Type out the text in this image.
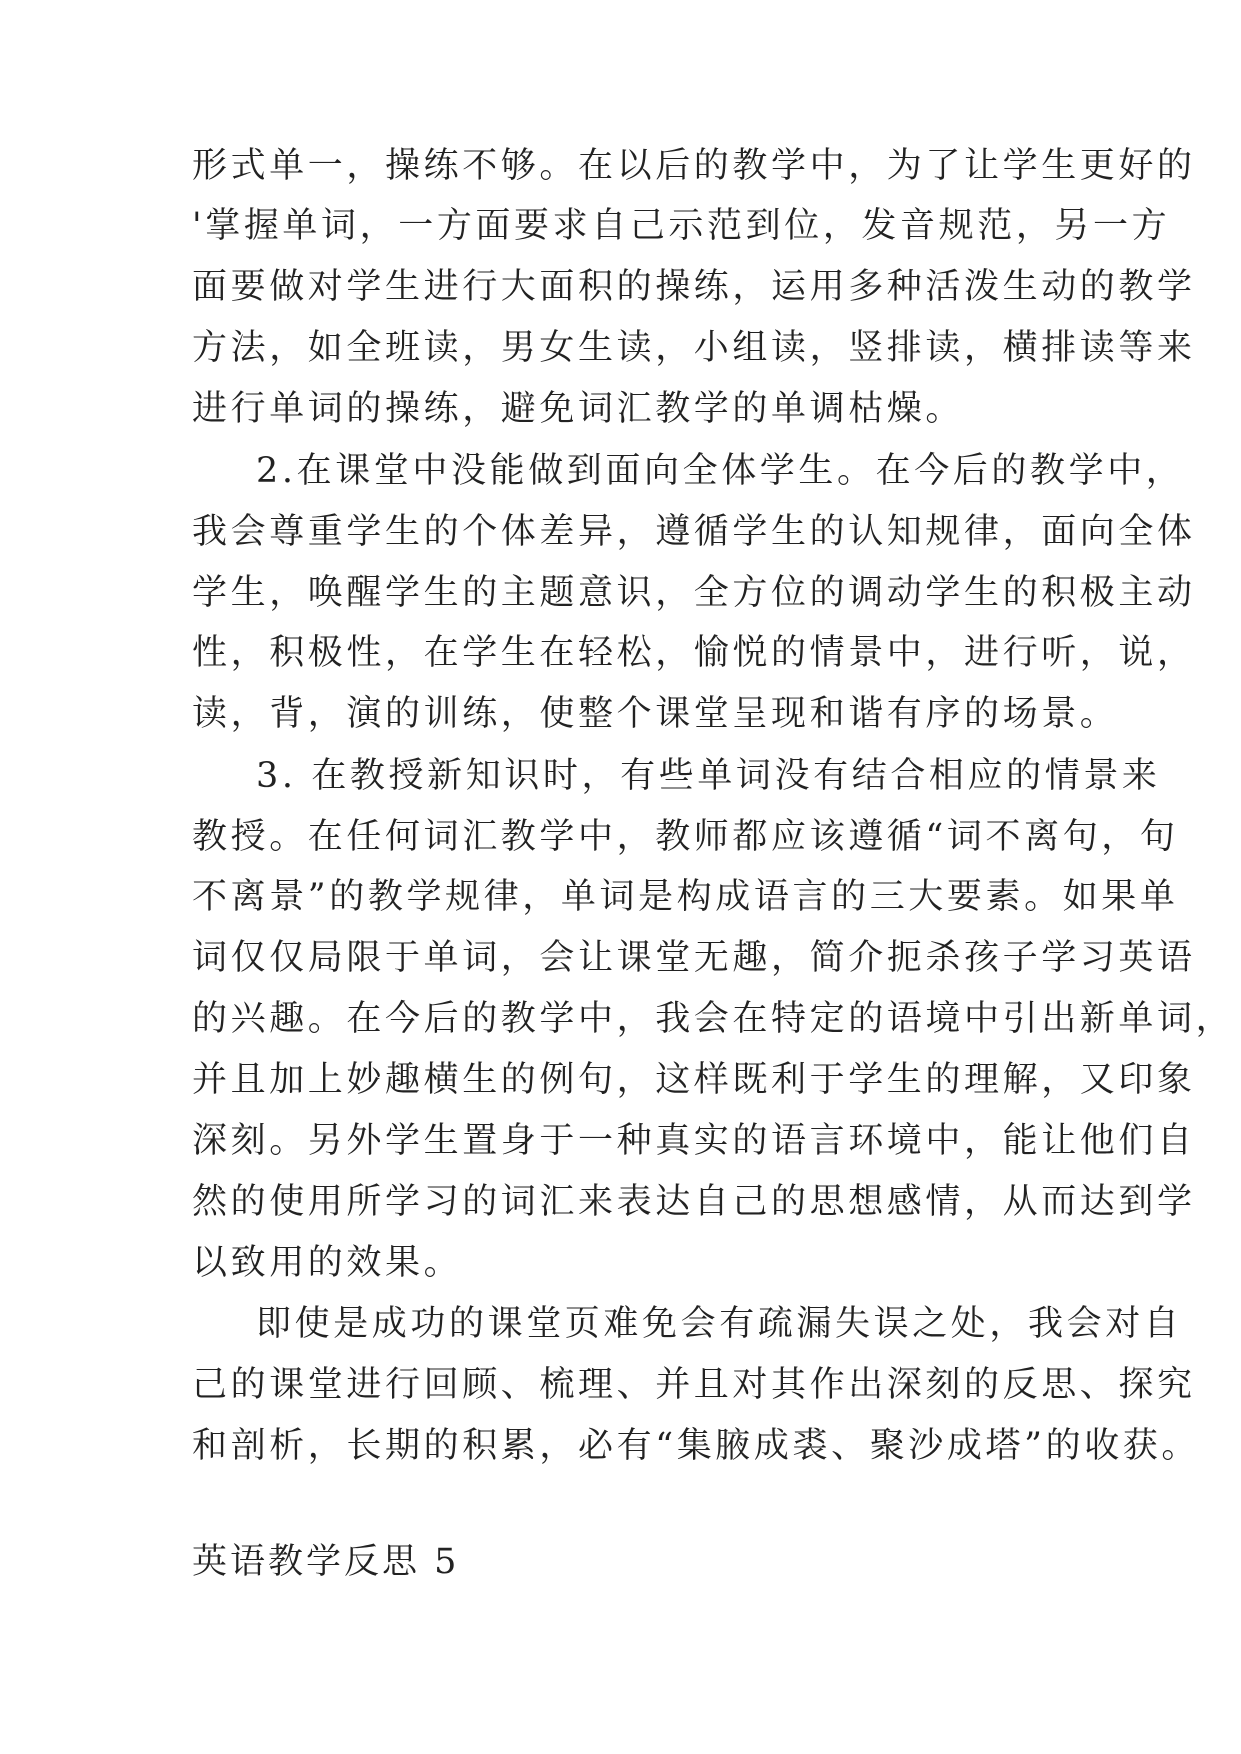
形式单一，操练不够。在以后的教学中，为了让学生更好的
'掌握单词，一方面要求自己示范到位，发音规范，另一方
面要做对学生进行大面积的操练，运用多种活泼生动的教学
方法，如全班读，男女生读，小组读，竖排读，横排读等来
进行单词的操练，避免词汇教学的单调枯燥。
2.在课堂中没能做到面向全体学生。在今后的教学中，
我会尊重学生的个体差异，遵循学生的认知规律，面向全体
学生，唤醒学生的主题意识，全方位的调动学生的积极主动
性，积极性，在学生在轻松，愉悦的情景中，进行听，说，
读，背，演的训练，使整个课堂呈现和谐有序的场景。
3. 在教授新知识时，有些单词没有结合相应的情景来
教授。在任何词汇教学中，教师都应该遵循“词不离句，句
不离景”的教学规律，单词是构成语言的三大要素。如果单
词仅仅局限于单词，会让课堂无趣，简介扼杀孩子学习英语
的兴趣。在今后的教学中，我会在特定的语境中引出新单词，
并且加上妙趣横生的例句，这样既利于学生的理解，又印象
深刻。另外学生置身于一种真实的语言环境中，能让他们自
然的使用所学习的词汇来表达自己的思想感情，从而达到学
以致用的效果。
即使是成功的课堂页难免会有疏漏失误之处，我会对自
己的课堂进行回顾、梳理、并且对其作出深刻的反思、探究
和剖析，长期的积累，必有“集腋成裘、聚沙成塔”的收获。
英语教学反思 5
